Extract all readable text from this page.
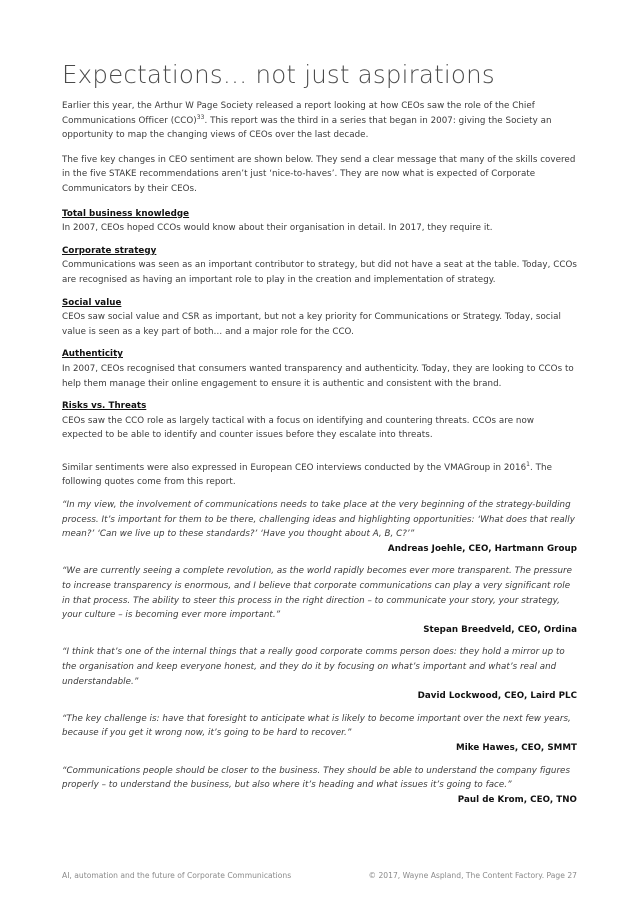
Expectations… not just aspirations

Earlier this year, the Arthur W Page Society released a report looking at how CEOs saw the role of the Chief Communications Officer (CCO)$^{33}$. This report was the third in a series that began in 2007: giving the Society an opportunity to map the changing views of CEOs over the last decade.

The five key changes in CEO sentiment are shown below. They send a clear message that many of the skills covered in the five STAKE recommendations aren’t just ‘nice-to-haves’. They are now what is expected of Corporate Communicators by their CEOs.

Total business knowledge

In 2007, CEOs hoped CCOs would know about their organisation in detail. In 2017, they require it.

Corporate strategy

Communications was seen as an important contributor to strategy, but did not have a seat at the table. Today, CCOs are recognised as having an important role to play in the creation and implementation of strategy.

Social value

CEOs saw social value and CSR as important, but not a key priority for Communications or Strategy. Today, social value is seen as a key part of both… and a major role for the CCO.

Authenticity

In 2007, CEOs recognised that consumers wanted transparency and authenticity. Today, they are looking to CCOs to help them manage their online engagement to ensure it is authentic and consistent with the brand.

Risks vs. Threats

CEOs saw the CCO role as largely tactical with a focus on identifying and countering threats. CCOs are now expected to be able to identify and counter issues before they escalate into threats.

Similar sentiments were also expressed in European CEO interviews conducted by the VMAGroup in 2016$^1$. The following quotes come from this report.

“In my view, the involvement of communications needs to take place at the very beginning of the strategy-building process. It’s important for them to be there, challenging ideas and highlighting opportunities: ‘What does that really mean?’ ‘Can we live up to these standards?’ ‘Have you thought about A, B, C?’”

Andreas Joehle, CEO, Hartmann Group

“We are currently seeing a complete revolution, as the world rapidly becomes ever more transparent. The pressure to increase transparency is enormous, and I believe that corporate communications can play a very significant role in that process. The ability to steer this process in the right direction – to communicate your story, your strategy, your culture – is becoming ever more important.”

Stepan Breedveld, CEO, Ordina

“I think that’s one of the internal things that a really good corporate comms person does: they hold a mirror up to the organisation and keep everyone honest, and they do it by focusing on what’s important and what’s real and understandable.”

David Lockwood, CEO, Laird PLC

“The key challenge is: have that foresight to anticipate what is likely to become important over the next few years, because if you get it wrong now, it’s going to be hard to recover.”

Mike Hawes, CEO, SMMT

“Communications people should be closer to the business. They should be able to understand the company figures properly – to understand the business, but also where it’s heading and what issues it’s going to face.”

Paul de Krom, CEO, TNO

AI, automation and the future of Corporate Communications	© 2017, Wayne Aspland, The Content Factory. Page 27
